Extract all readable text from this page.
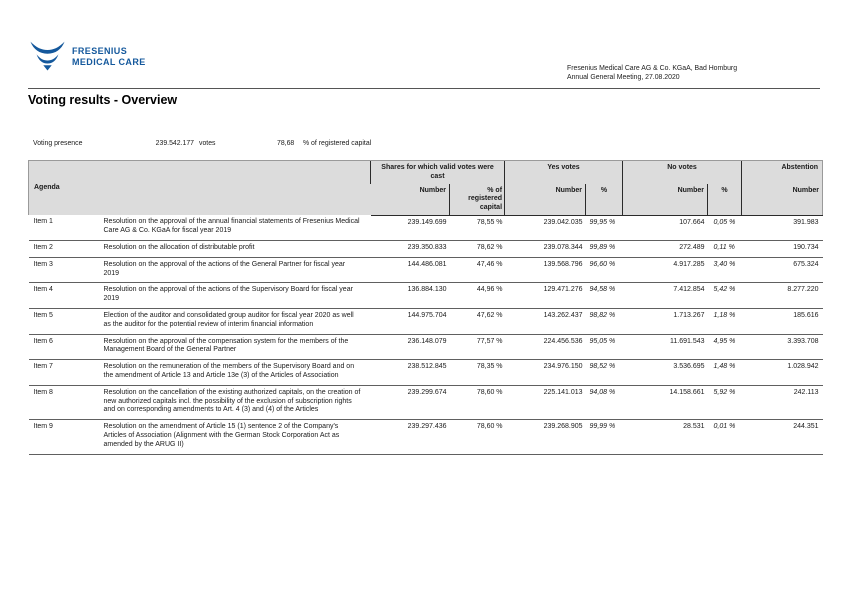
FRESENIUS
MEDICAL CARE
Fresenius Medical Care AG & Co. KGaA, Bad Homburg
Annual General Meeting, 27.08.2020
Voting results - Overview
Voting presence	239.542.177 votes	78,68 % of registered capital
Agenda		Shares for which valid votes were cast		Yes votes		No votes		Abstention
		Number	% of registered capital	Number	%	Number	%	Number
Item 1	Resolution on the approval of the annual financial statements of Fresenius Medical Care AG & Co. KGaA for fiscal year 2019	239.149.699	78,55 %	239.042.035	99,95 %	107.664	0,05 %	391.983
Item 2	Resolution on the allocation of distributable profit	239.350.833	78,62 %	239.078.344	99,89 %	272.489	0,11 %	190.734
Item 3	Resolution on the approval of the actions of the General Partner for fiscal year 2019	144.486.081	47,46 %	139.568.796	96,60 %	4.917.285	3,40 %	675.324
Item 4	Resolution on the approval of the actions of the Supervisory Board for fiscal year 2019	136.884.130	44,96 %	129.471.276	94,58 %	7.412.854	5,42 %	8.277.220
Item 5	Election of the auditor and consolidated group auditor for fiscal year 2020 as well as the auditor for the potential review of interim financial information	144.975.704	47,62 %	143.262.437	98,82 %	1.713.267	1,18 %	185.616
Item 6	Resolution on the approval of the compensation system for the members of the Management Board of the General Partner	236.148.079	77,57 %	224.456.536	95,05 %	11.691.543	4,95 %	3.393.708
Item 7	Resolution on the remuneration of the members of the Supervisory Board and on the amendment of Article 13 and Article 13e (3) of the Articles of Association	238.512.845	78,35 %	234.976.150	98,52 %	3.536.695	1,48 %	1.028.942
Item 8	Resolution on the cancellation of the existing authorized capitals, on the creation of new authorized capitals incl. the possibility of the exclusion of subscription rights and on corresponding amendments to Art. 4 (3) and (4) of the Articles	239.299.674	78,60 %	225.141.013	94,08 %	14.158.661	5,92 %	242.113
Item 9	Resolution on the amendment of Article 15 (1) sentence 2 of the Company's Articles of Association (Alignment with the German Stock Corporation Act as amended by the ARUG II)	239.297.436	78,60 %	239.268.905	99,99 %	28.531	0,01 %	244.351
